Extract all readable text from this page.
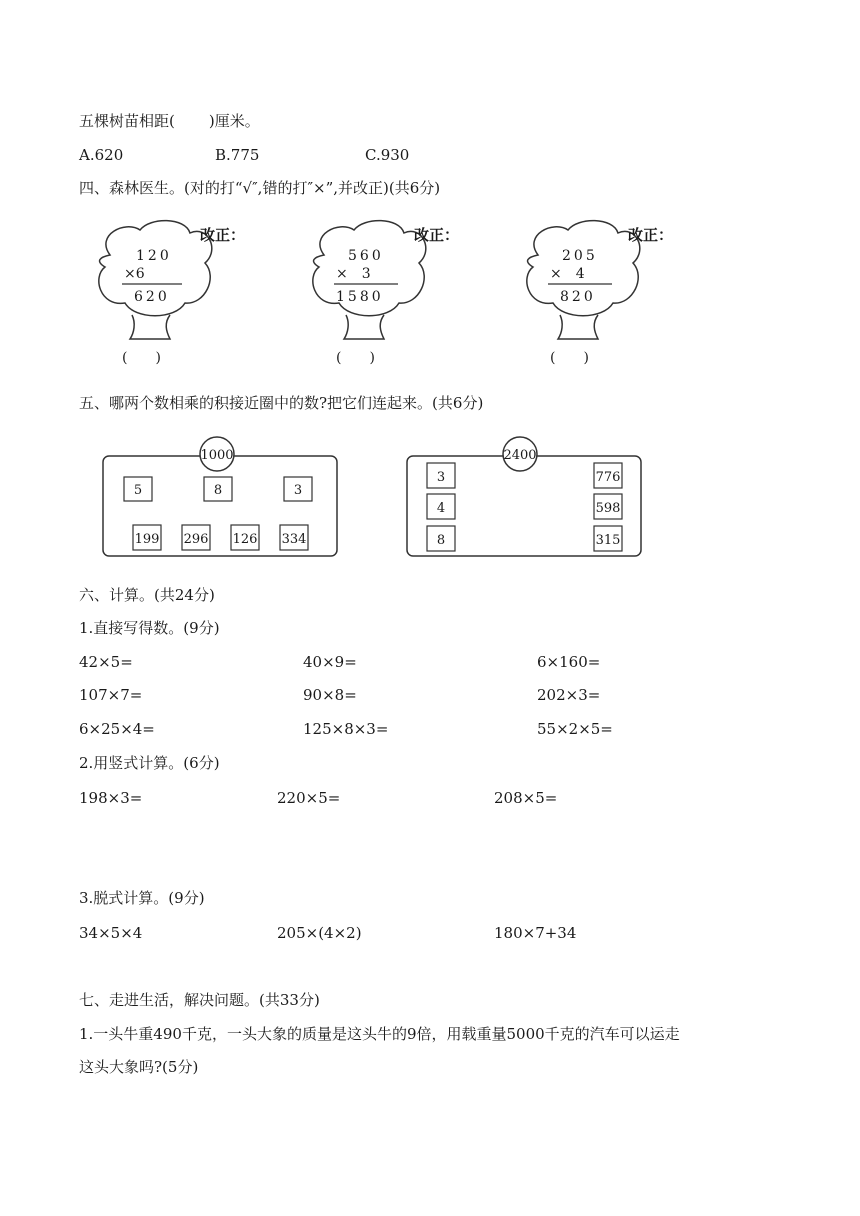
五棵树苗相距( )厘米。
A.620	B.775	C.930
四、森林医生。(对的打“√″,错的打″×”,并改正)(共6分)
120
×6
620
改正：
(　　)
560
×　3
1580
改正：
(　　)
205
×　4
820
改正：
(　　)
五、哪两个数相乘的积接近圈中的数?把它们连起来。(共6分)
1000
5	8	3
199 296 126 334
2400
3
4
8
776
598
315
六、计算。(共24分)
1.直接写得数。(9分)
42×5=	40×9=	6×160=
107×7=	90×8=	202×3=
6×25×4=	125×8×3=	55×2×5=
2.用竖式计算。(6分)
198×3=	220×5=	208×5=
3.脱式计算。(9分)
34×5×4	205×(4×2)	180×7+34
七、走进生活，解决问题。(共33分)
1.一头牛重490千克，一头大象的质量是这头牛的9倍，用载重量5000千克的汽车可以运走
这头大象吗?(5分)
